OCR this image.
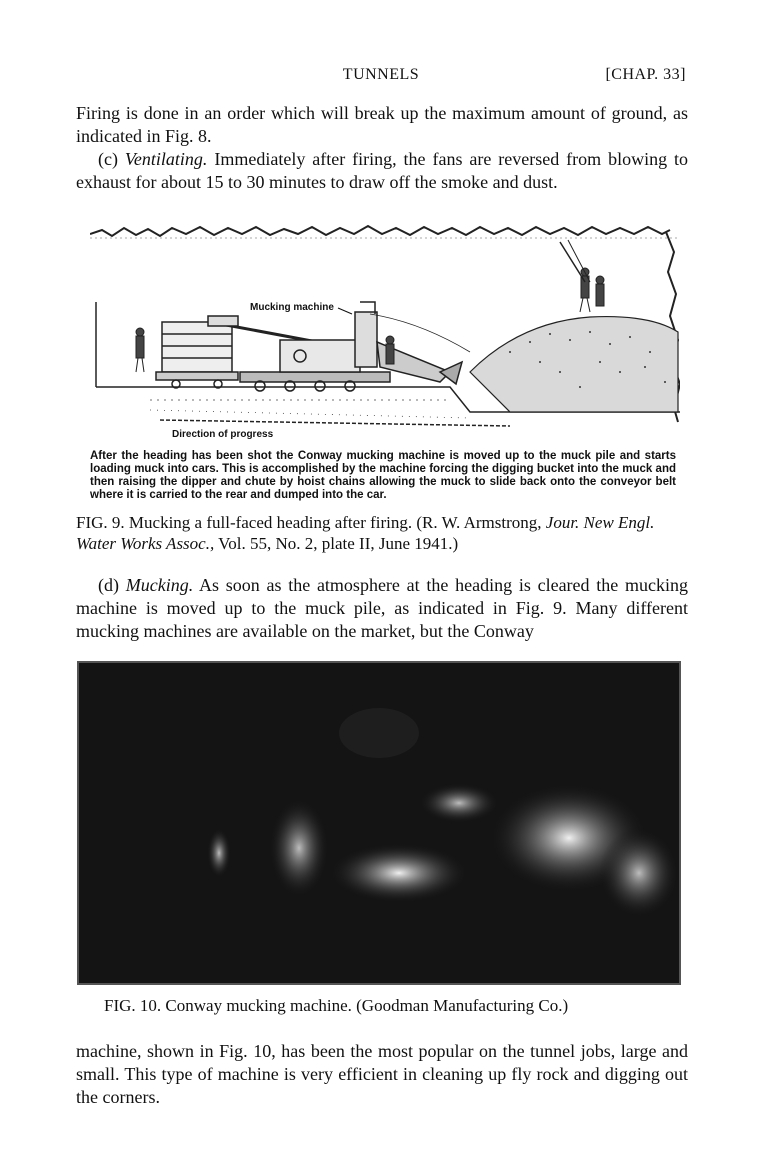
TUNNELS	[CHAP. 33]
Firing is done in an order which will break up the maximum amount of ground, as indicated in Fig. 8.
(c) Ventilating. Immediately after firing, the fans are reversed from blowing to exhaust for about 15 to 30 minutes to draw off the smoke and dust.
Mucking machine
Direction of progress
After the heading has been shot the Conway mucking machine is moved up to the muck pile and starts loading muck into cars. This is accomplished by the machine forcing the digging bucket into the muck and then raising the dipper and chute by hoist chains allowing the muck to slide back onto the conveyor belt where it is carried to the rear and dumped into the car.
FIG. 9. Mucking a full-faced heading after firing. (R. W. Armstrong, Jour. New Engl. Water Works Assoc., Vol. 55, No. 2, plate II, June 1941.)
(d) Mucking. As soon as the atmosphere at the heading is cleared the mucking machine is moved up to the muck pile, as indicated in Fig. 9. Many different mucking machines are available on the market, but the Conway
FIG. 10. Conway mucking machine. (Goodman Manufacturing Co.)
machine, shown in Fig. 10, has been the most popular on the tunnel jobs, large and small. This type of machine is very efficient in cleaning up fly rock and digging out the corners.
